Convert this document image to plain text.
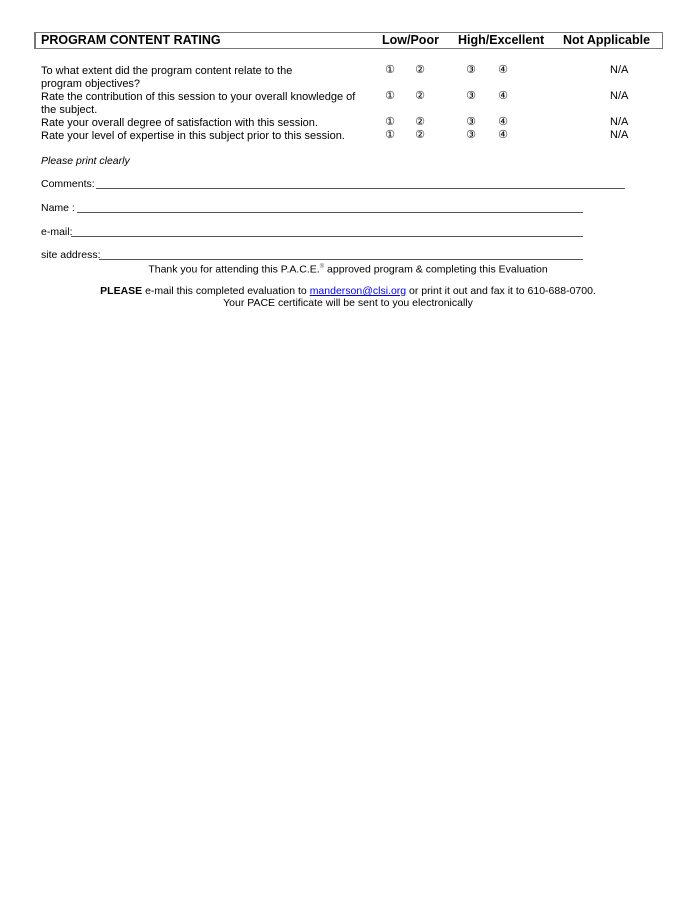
PROGRAM CONTENT RATING	Low/Poor High/Excellent Not Applicable
To what extent did the program content relate to the
program objectives?
① ②	③ ④	N/A
Rate the contribution of this session to your overall knowledge of
the subject.
① ②	③ ④	N/A
Rate your overall degree of satisfaction with this session.	① ②	③ ④	N/A
Rate your level of expertise in this subject prior to this session.	① ②	③ ④	N/A
Please print clearly
Comments:
Name :
e-mail:
site address:
Thank you for attending this P.A.C.E.® approved program & completing this Evaluation
PLEASE e-mail this completed evaluation to manderson@clsi.org or print it out and fax it to 610-688-0700.
Your PACE certificate will be sent to you electronically
